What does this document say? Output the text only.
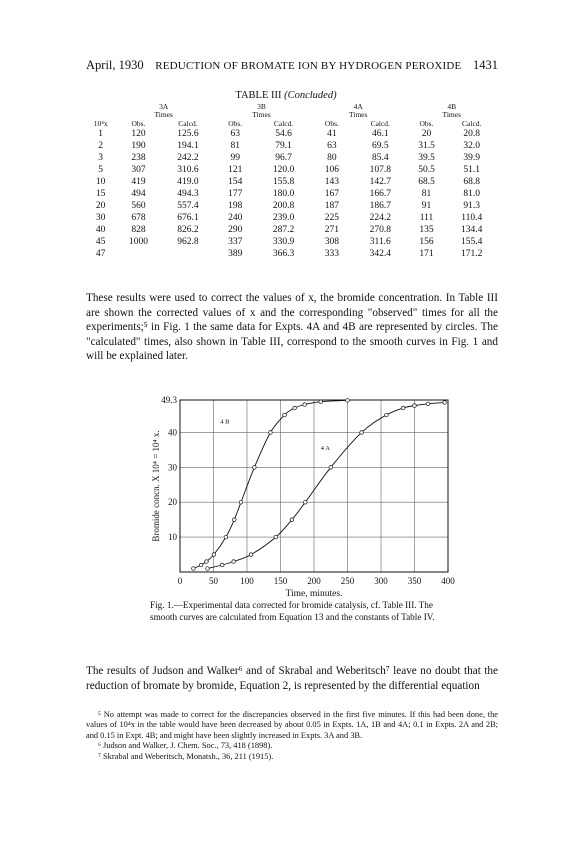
April, 1930 REDUCTION OF BROMATE ION BY HYDROGEN PEROXIDE 1431
TABLE III (Concluded)
	3A		3B		4A		4B	
	Times		Times		Times		Times	
10⁴x	Obs.	Calcd.	Obs.	Calcd.	Obs.	Calcd.	Obs.	Calcd.
1	120	125.6	63	54.6	41	46.1	20	20.8
2	190	194.1	81	79.1	63	69.5	31.5	32.0
3	238	242.2	99	96.7	80	85.4	39.5	39.9
5	307	310.6	121	120.0	106	107.8	50.5	51.1
10	419	419.0	154	155.8	143	142.7	68.5	68.8
15	494	494.3	177	180.0	167	166.7	81	81.0
20	560	557.4	198	200.8	187	186.7	91	91.3
30	678	676.1	240	239.0	225	224.2	111	110.4
40	828	826.2	290	287.2	271	270.8	135	134.4
45	1000	962.8	337	330.9	308	311.6	156	155.4
47			389	366.3	333	342.4	171	171.2
These results were used to correct the values of x, the bromide concentration. In Table III are shown the corrected values of x and the corresponding "observed" times for all the experiments;⁵ in Fig. 1 the same data for Expts. 4A and 4B are represented by circles. The "calculated" times, also shown in Table III, correspond to the smooth curves in Fig. 1 and will be explained later.
0	50 100 150 200 250 300 350 400
10
20
30
40
49.3
Time, minutes.
Bromide concn. X 10⁴ = 10⁴ x.
4 B
4 A
Fig. 1.—Experimental data corrected for bromide catalysis, cf. Table III. The smooth curves are calculated from Equation 13 and the constants of Table IV.
The results of Judson and Walker⁶ and of Skrabal and Weberitsch⁷ leave no doubt that the reduction of bromate by bromide, Equation 2, is represented by the differential equation

⁵ No attempt was made to correct for the discrepancies observed in the first five minutes. If this had been done, the values of 10⁴x in the table would have been decreased by about 0.05 in Expts. 1A, 1B and 4A; 0.1 in Expts. 2A and 2B; and 0.15 in Expt. 4B; and might have been slightly increased in Expts. 3A and 3B.

⁶ Judson and Walker, J. Chem. Soc., 73, 418 (1898).

⁷ Skrabal and Weberitsch, Monatsh., 36, 211 (1915).
